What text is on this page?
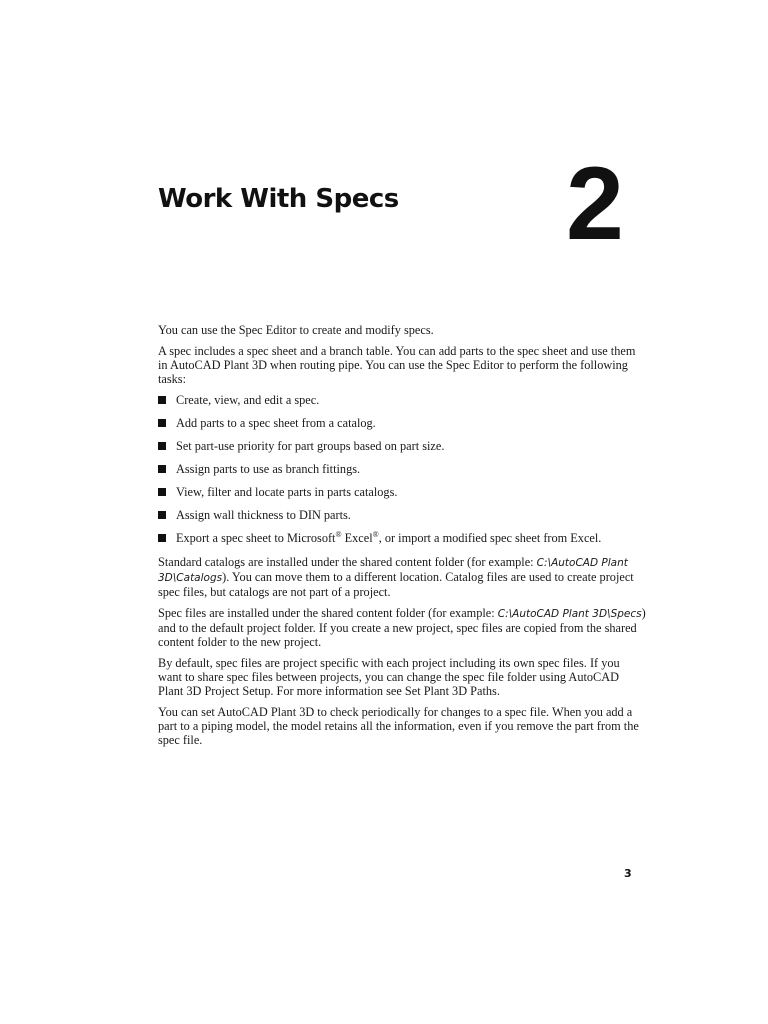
Work With Specs 2

You can use the Spec Editor to create and modify specs.

A spec includes a spec sheet and a branch table. You can add parts to the spec sheet and use them in AutoCAD Plant 3D when routing pipe. You can use the Spec Editor to perform the following tasks:

Create, view, and edit a spec.
Add parts to a spec sheet from a catalog.
Set part-use priority for part groups based on part size.
Assign parts to use as branch fittings.
View, filter and locate parts in parts catalogs.
Assign wall thickness to DIN parts.
Export a spec sheet to Microsoft® Excel®, or import a modified spec sheet from Excel.

Standard catalogs are installed under the shared content folder (for example: C:\AutoCAD Plant 3D\Catalogs). You can move them to a different location. Catalog files are used to create project spec files, but catalogs are not part of a project.

Spec files are installed under the shared content folder (for example: C:\AutoCAD Plant 3D\Specs) and to the default project folder. If you create a new project, spec files are copied from the shared content folder to the new project.

By default, spec files are project specific with each project including its own spec files. If you want to share spec files between projects, you can change the spec file folder using AutoCAD Plant 3D Project Setup. For more information see Set Plant 3D Paths.

You can set AutoCAD Plant 3D to check periodically for changes to a spec file. When you add a part to a piping model, the model retains all the information, even if you remove the part from the spec file.

3
